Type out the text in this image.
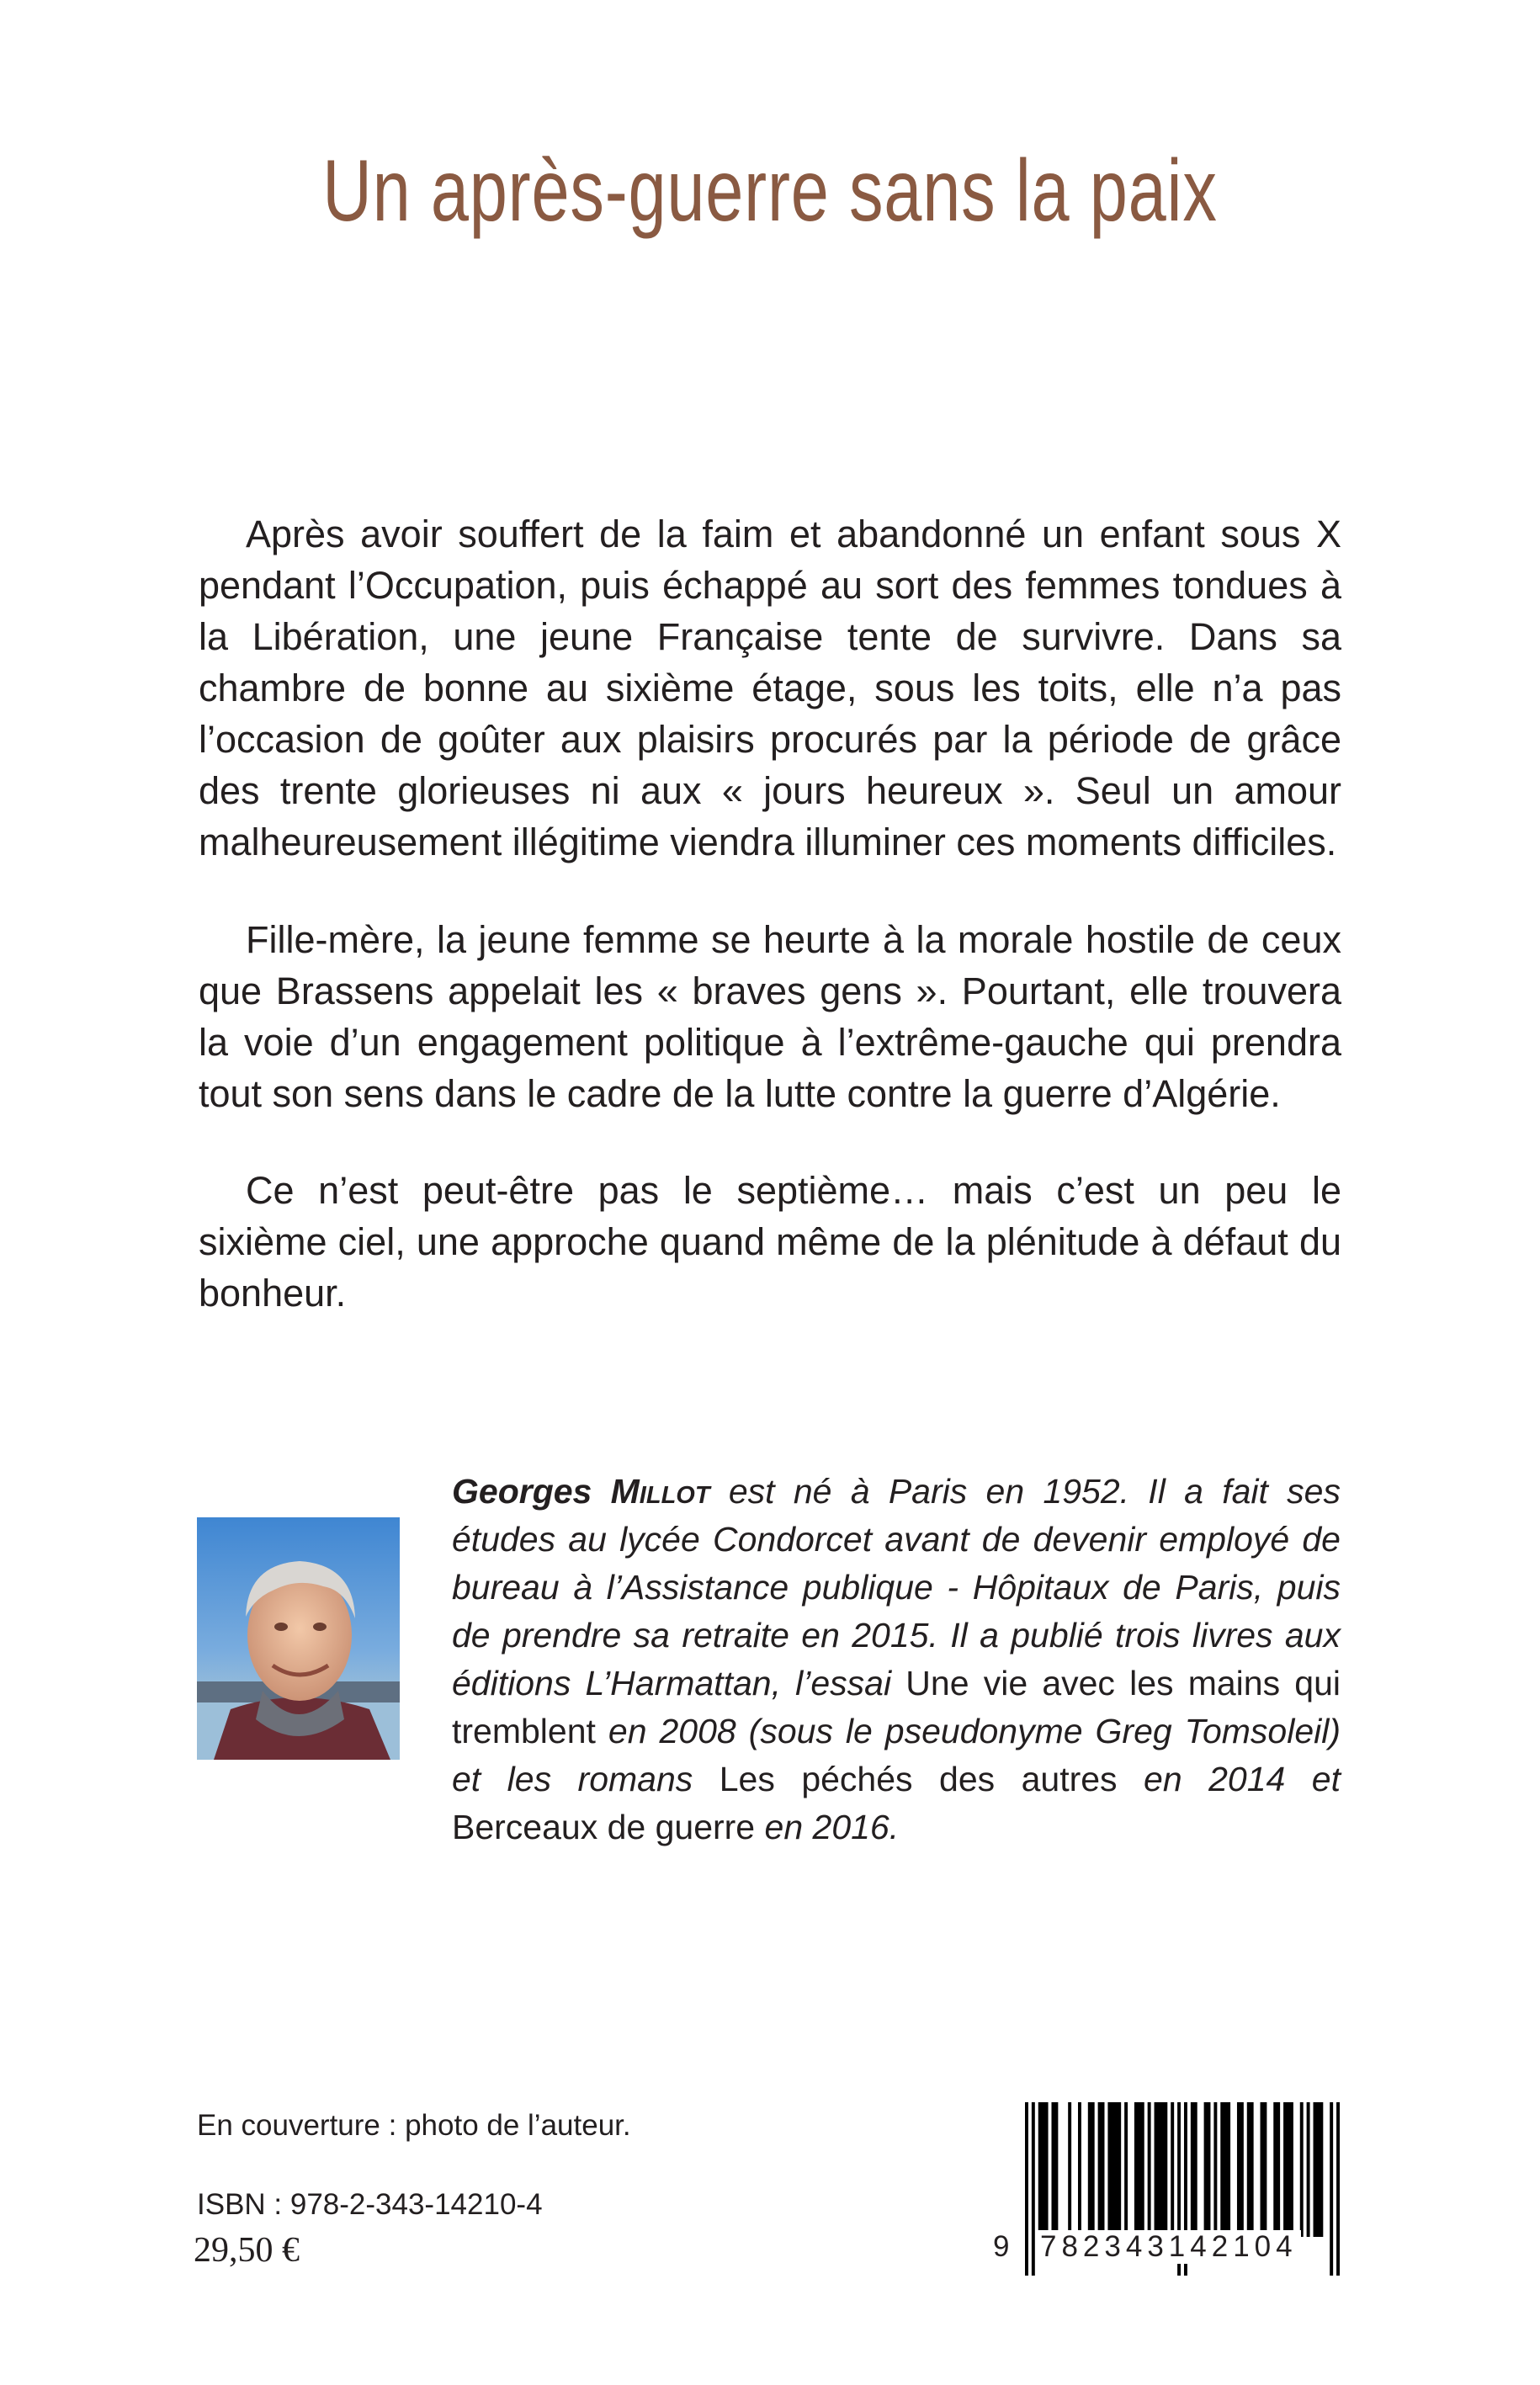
Un après-guerre sans la paix

Après avoir souffert de la faim et abandonné un enfant sous X pendant l’Occupation, puis échappé au sort des femmes tondues à la Libération, une jeune Française tente de survivre. Dans sa chambre de bonne au sixième étage, sous les toits, elle n’a pas l’occasion de goûter aux plaisirs procurés par la période de grâce des trente glorieuses ni aux « jours heureux ». Seul un amour malheureusement illégitime viendra illuminer ces moments difficiles.

Fille-mère, la jeune femme se heurte à la morale hostile de ceux que Brassens appelait les « braves gens ». Pourtant, elle trouvera la voie d’un engagement politique à l’extrême-gauche qui prendra tout son sens dans le cadre de la lutte contre la guerre d’Algérie.

Ce n’est peut-être pas le septième… mais c’est un peu le sixième ciel, une approche quand même de la plénitude à défaut du bonheur.

Georges Millot est né à Paris en 1952. Il a fait ses études au lycée Condorcet avant de devenir employé de bureau à l’Assistance publique - Hôpitaux de Paris, puis de prendre sa retraite en 2015. Il a publié trois livres aux éditions L’Harmattan, l’essai Une vie avec les mains qui tremblent en 2008 (sous le pseudonyme Greg Tomsoleil) et les romans Les péchés des autres en 2014 et Berceaux de guerre en 2016.

En couverture : photo de l’auteur.

ISBN : 978-2-343-14210-4

29,50 €	9 782343142104
